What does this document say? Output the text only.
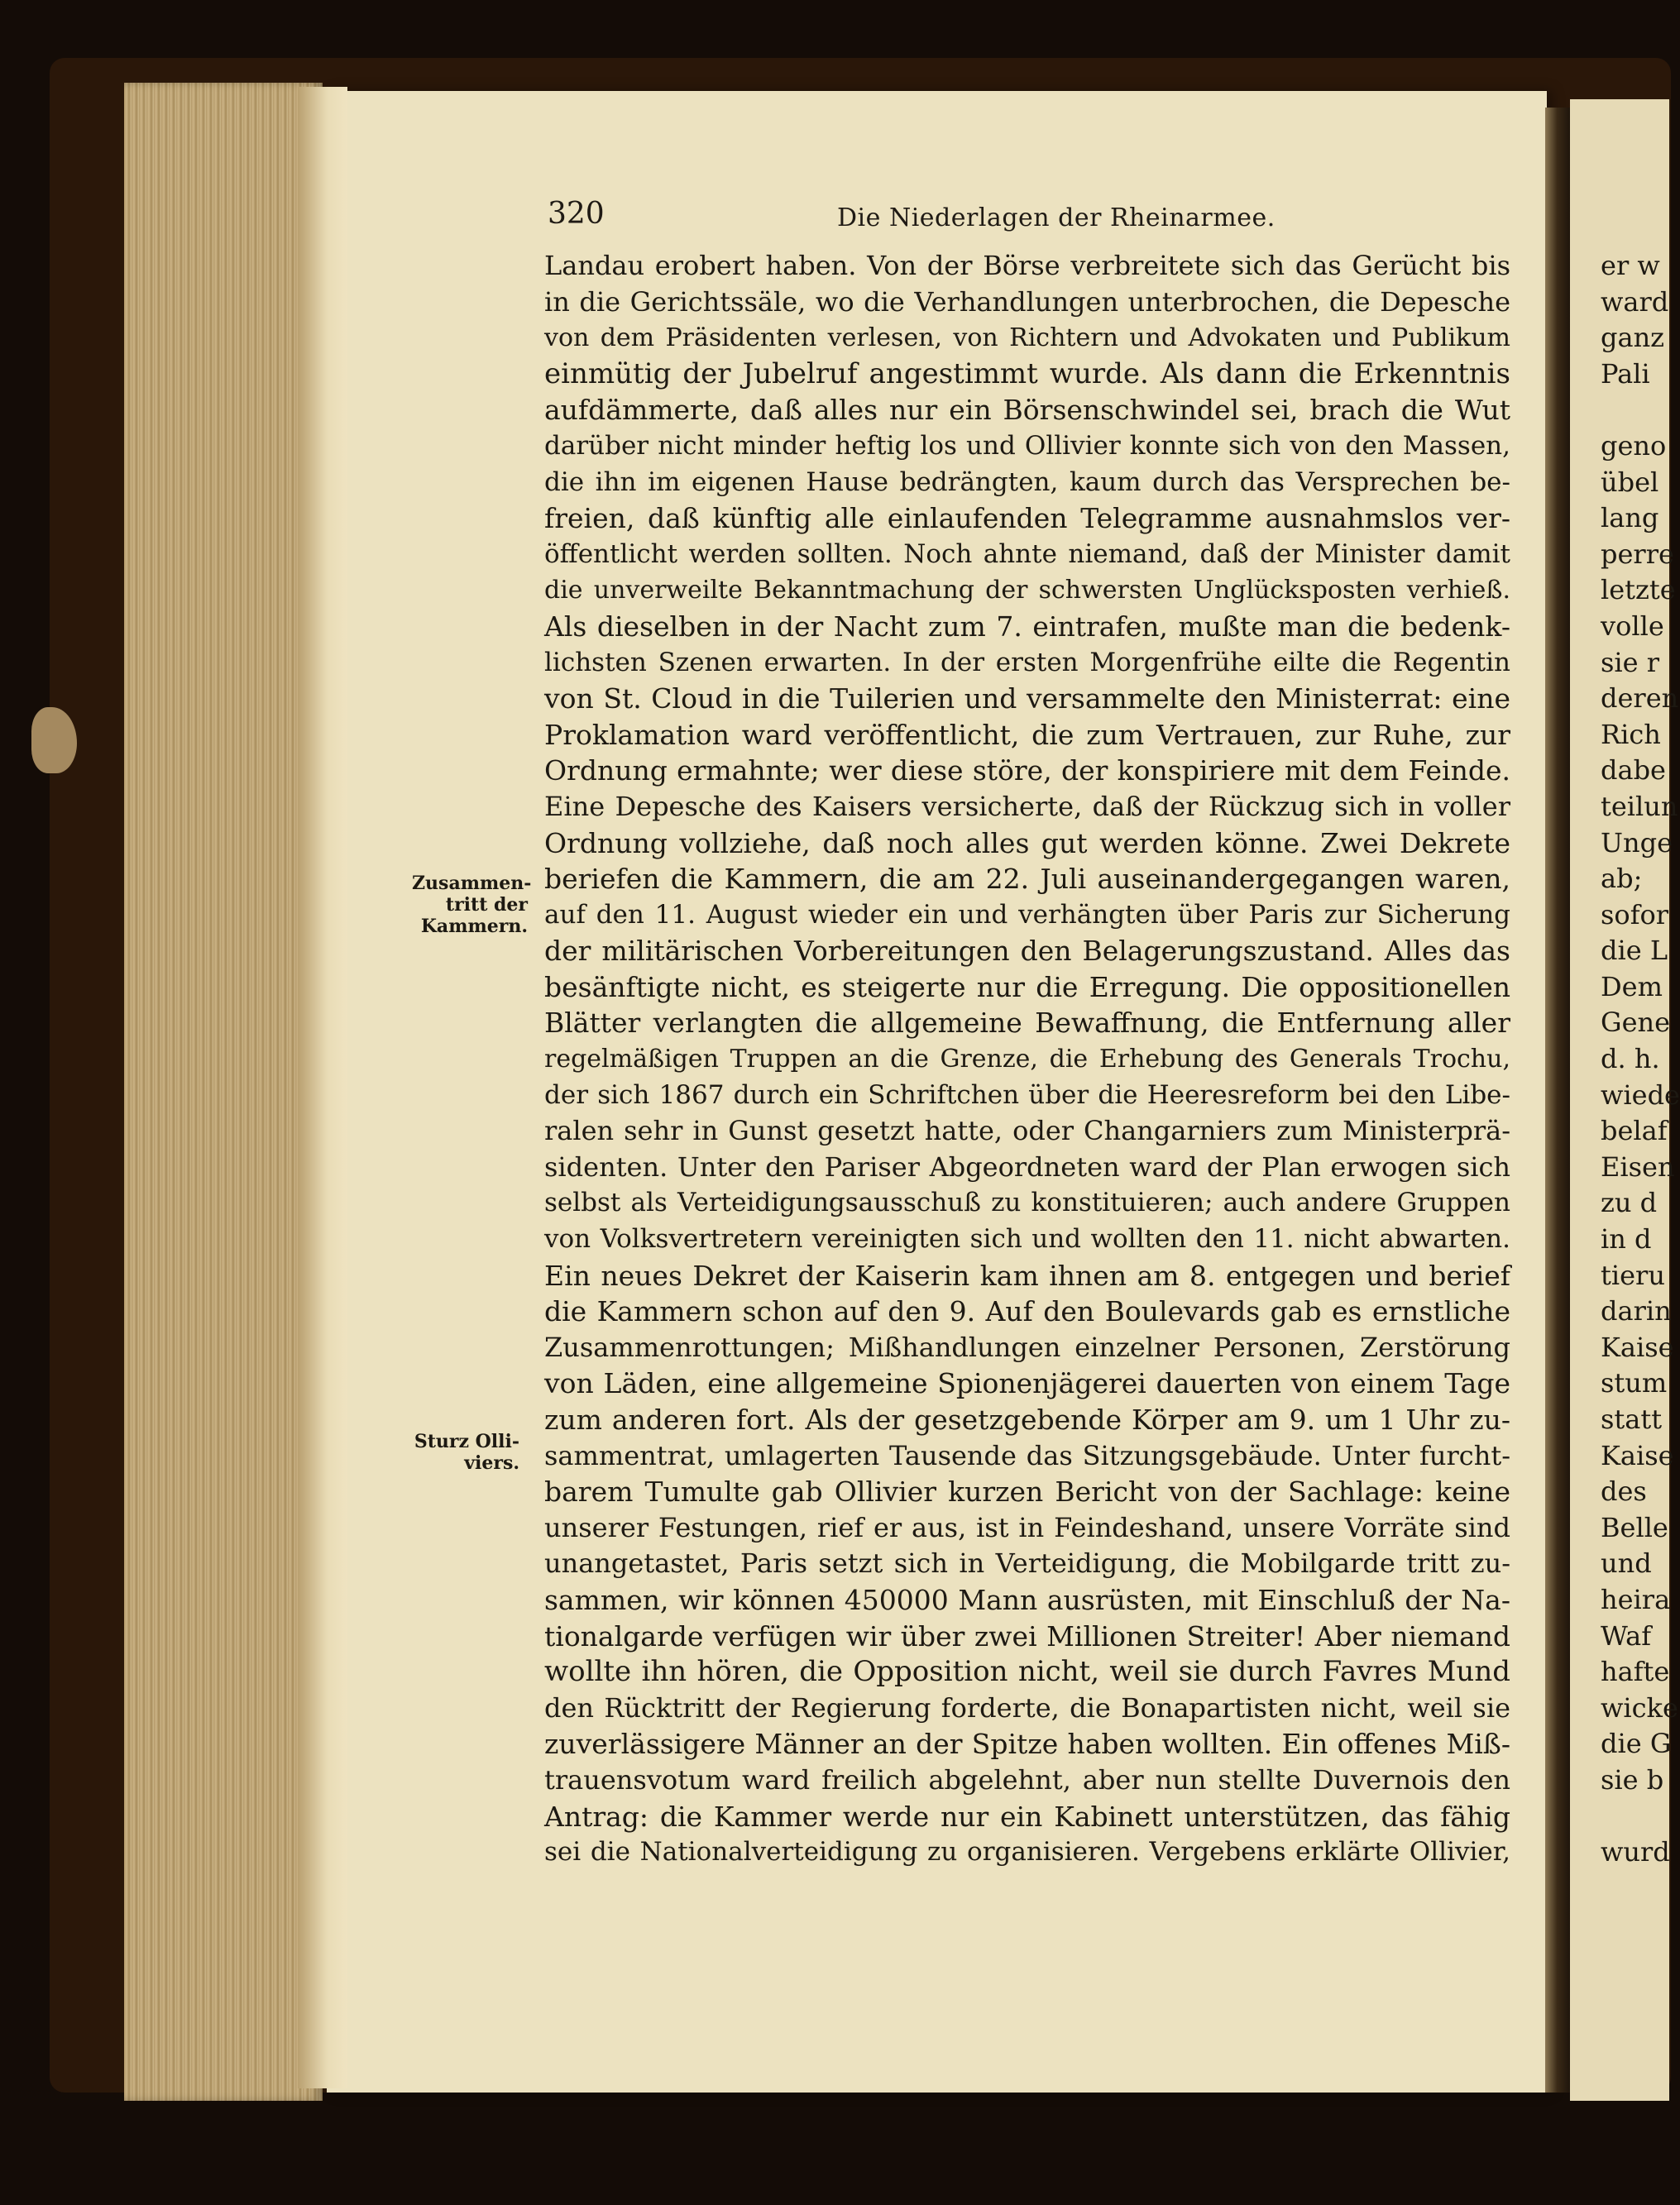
320	Die Niederlagen der Rheinarmee.
Landau erobert haben. Von der Börse verbreitete sich das Gerücht bis
in die Gerichtssäle, wo die Verhandlungen unterbrochen, die Depesche
von dem Präsidenten verlesen, von Richtern und Advokaten und Publikum
einmütig der Jubelruf angestimmt wurde. Als dann die Erkenntnis
aufdämmerte, daß alles nur ein Börsenschwindel sei, brach die Wut
darüber nicht minder heftig los und Ollivier konnte sich von den Massen,
die ihn im eigenen Hause bedrängten, kaum durch das Versprechen be-
freien, daß künftig alle einlaufenden Telegramme ausnahmslos ver-
öffentlicht werden sollten. Noch ahnte niemand, daß der Minister damit
die unverweilte Bekanntmachung der schwersten Unglücksposten verhieß.
Als dieselben in der Nacht zum 7. eintrafen, mußte man die bedenk-
lichsten Szenen erwarten. In der ersten Morgenfrühe eilte die Regentin
von St. Cloud in die Tuilerien und versammelte den Ministerrat: eine
Proklamation ward veröffentlicht, die zum Vertrauen, zur Ruhe, zur
Ordnung ermahnte; wer diese störe, der konspiriere mit dem Feinde.
Eine Depesche des Kaisers versicherte, daß der Rückzug sich in voller
Ordnung vollziehe, daß noch alles gut werden könne. Zwei Dekrete
beriefen die Kammern, die am 22. Juli auseinandergegangen waren,
auf den 11. August wieder ein und verhängten über Paris zur Sicherung
der militärischen Vorbereitungen den Belagerungszustand. Alles das
besänftigte nicht, es steigerte nur die Erregung. Die oppositionellen
Blätter verlangten die allgemeine Bewaffnung, die Entfernung aller
regelmäßigen Truppen an die Grenze, die Erhebung des Generals Trochu,
der sich 1867 durch ein Schriftchen über die Heeresreform bei den Libe-
ralen sehr in Gunst gesetzt hatte, oder Changarniers zum Ministerprä-
sidenten. Unter den Pariser Abgeordneten ward der Plan erwogen sich
selbst als Verteidigungsausschuß zu konstituieren; auch andere Gruppen
von Volksvertretern vereinigten sich und wollten den 11. nicht abwarten.
Ein neues Dekret der Kaiserin kam ihnen am 8. entgegen und berief
die Kammern schon auf den 9. Auf den Boulevards gab es ernstliche
Zusammenrottungen; Mißhandlungen einzelner Personen, Zerstörung
von Läden, eine allgemeine Spionenjägerei dauerten von einem Tage
zum anderen fort. Als der gesetzgebende Körper am 9. um 1 Uhr zu-
sammentrat, umlagerten Tausende das Sitzungsgebäude. Unter furcht-
barem Tumulte gab Ollivier kurzen Bericht von der Sachlage: keine
unserer Festungen, rief er aus, ist in Feindeshand, unsere Vorräte sind
unangetastet, Paris setzt sich in Verteidigung, die Mobilgarde tritt zu-
sammen, wir können 450000 Mann ausrüsten, mit Einschluß der Na-
tionalgarde verfügen wir über zwei Millionen Streiter! Aber niemand
wollte ihn hören, die Opposition nicht, weil sie durch Favres Mund
den Rücktritt der Regierung forderte, die Bonapartisten nicht, weil sie
zuverlässigere Männer an der Spitze haben wollten. Ein offenes Miß-
trauensvotum ward freilich abgelehnt, aber nun stellte Duvernois den
Antrag: die Kammer werde nur ein Kabinett unterstützen, das fähig
sei die Nationalverteidigung zu organisieren. Vergebens erklärte Ollivier,
Zusammen-
tritt der
Kammern.
Sturz Olli-
viers.
er w
ward
ganz
Pali
geno
übel
lang
perre
letzte
volle
sie r
deren
Rich
dabe
teilun
Unge
ab;
sofor
die L
Dem
Gene
d. h.
wiede
belaf
Eisen
zu d
in d
tieru
darin
Kaise
stum
statt
Kaise
des
Belle
und
heira
Waf
hafte
wicke
die G
sie b
wurd
